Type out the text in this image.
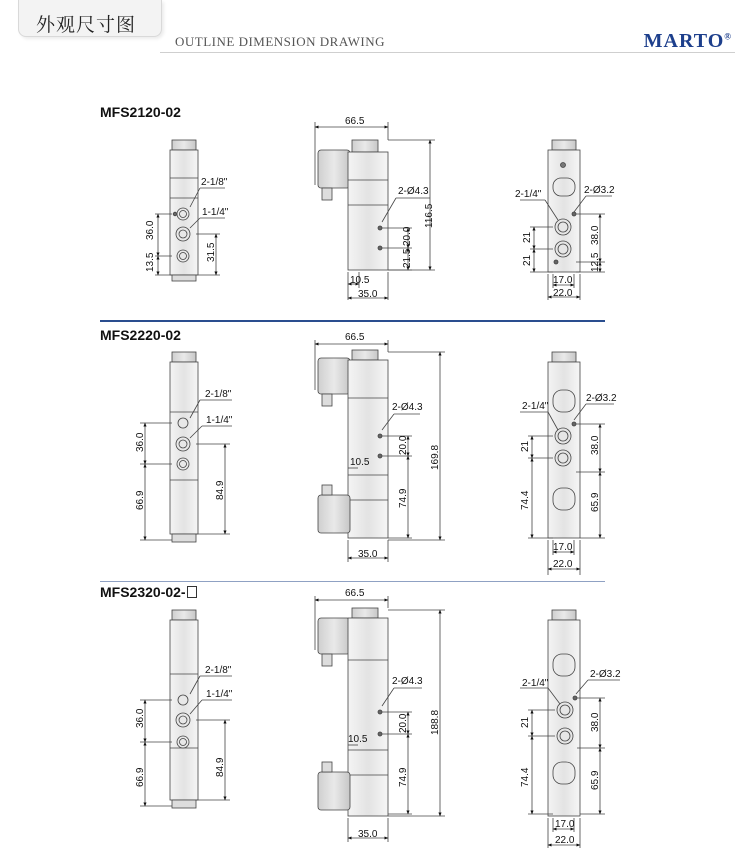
外观尺寸图
OUTLINE DIMENSION DRAWING	MARTO®
MFS2120-02
MFS2220-02
MFS2320-02-
2-1/8"
1-1/4"
36.0
13.5
31.5
66.5
2-Ø4.3
116.5
20.0
21.5
10.5
35.0
2-1/4"	2-Ø3.2
21
21
38.0
12.5
17.0
22.0
2-1/8"
1-1/4"
36.0
66.9
84.9
66.5
2-Ø4.3
169.8
20.0
10.5
74.9
35.0
2-1/4"
2-Ø3.2
21
74.4
38.0
65.9
17.0
22.0
2-1/8"
1-1/4"
36.0
66.9
84.9
66.5
2-Ø4.3
188.8
20.0
10.5
74.9
35.0
2-1/4"
2-Ø3.2
21
74.4
38.0
65.9
17.0
22.0
